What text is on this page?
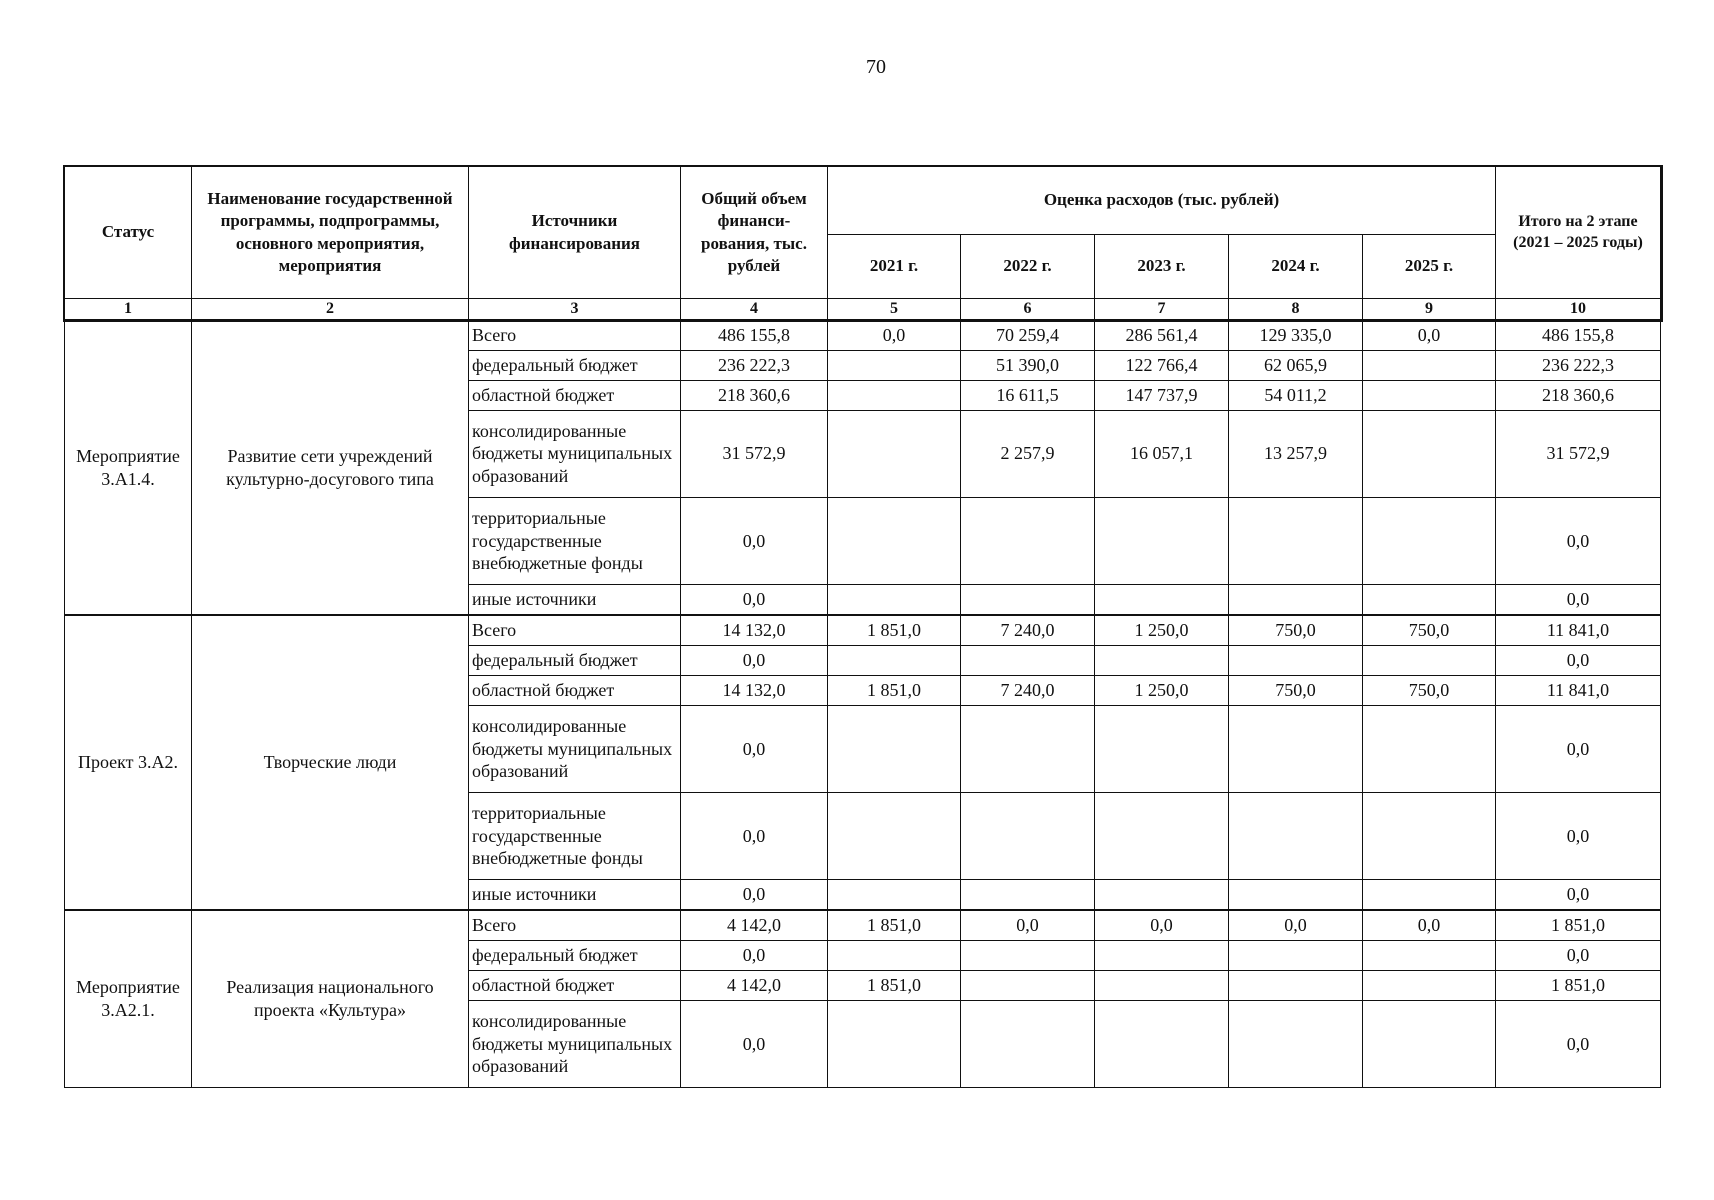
70
Статус	Наименование государственной программы, подпрограммы, основного мероприятия, мероприятия	Источники финансирования	Общий объем финанси-рования, тыс. рублей	Оценка расходов (тыс. рублей)					Итого на 2 этапе (2021 – 2025 годы)
				2021 г.	2022 г.	2023 г.	2024 г.	2025 г.	
1	2	3	4	5	6	7	8	9	10
Мероприятие 3.А1.4.	Развитие сети учреждений культурно-досугового типа	Всего	486 155,8	0,0	70 259,4	286 561,4	129 335,0	0,0	486 155,8
		федеральный бюджет	236 222,3		51 390,0	122 766,4	62 065,9		236 222,3
		областной бюджет	218 360,6		16 611,5	147 737,9	54 011,2		218 360,6
		консолидированные бюджеты муниципальных образований	31 572,9		2 257,9	16 057,1	13 257,9		31 572,9
		территориальные государственные внебюджетные фонды	0,0						0,0
		иные источники	0,0						0,0
Проект 3.А2.	Творческие люди	Всего	14 132,0	1 851,0	7 240,0	1 250,0	750,0	750,0	11 841,0
		федеральный бюджет	0,0						0,0
		областной бюджет	14 132,0	1 851,0	7 240,0	1 250,0	750,0	750,0	11 841,0
		консолидированные бюджеты муниципальных образований	0,0						0,0
		территориальные государственные внебюджетные фонды	0,0						0,0
		иные источники	0,0						0,0
Мероприятие 3.А2.1.	Реализация национального проекта «Культура»	Всего	4 142,0	1 851,0	0,0	0,0	0,0	0,0	1 851,0
		федеральный бюджет	0,0						0,0
		областной бюджет	4 142,0	1 851,0					1 851,0
		консолидированные бюджеты муниципальных образований	0,0						0,0
